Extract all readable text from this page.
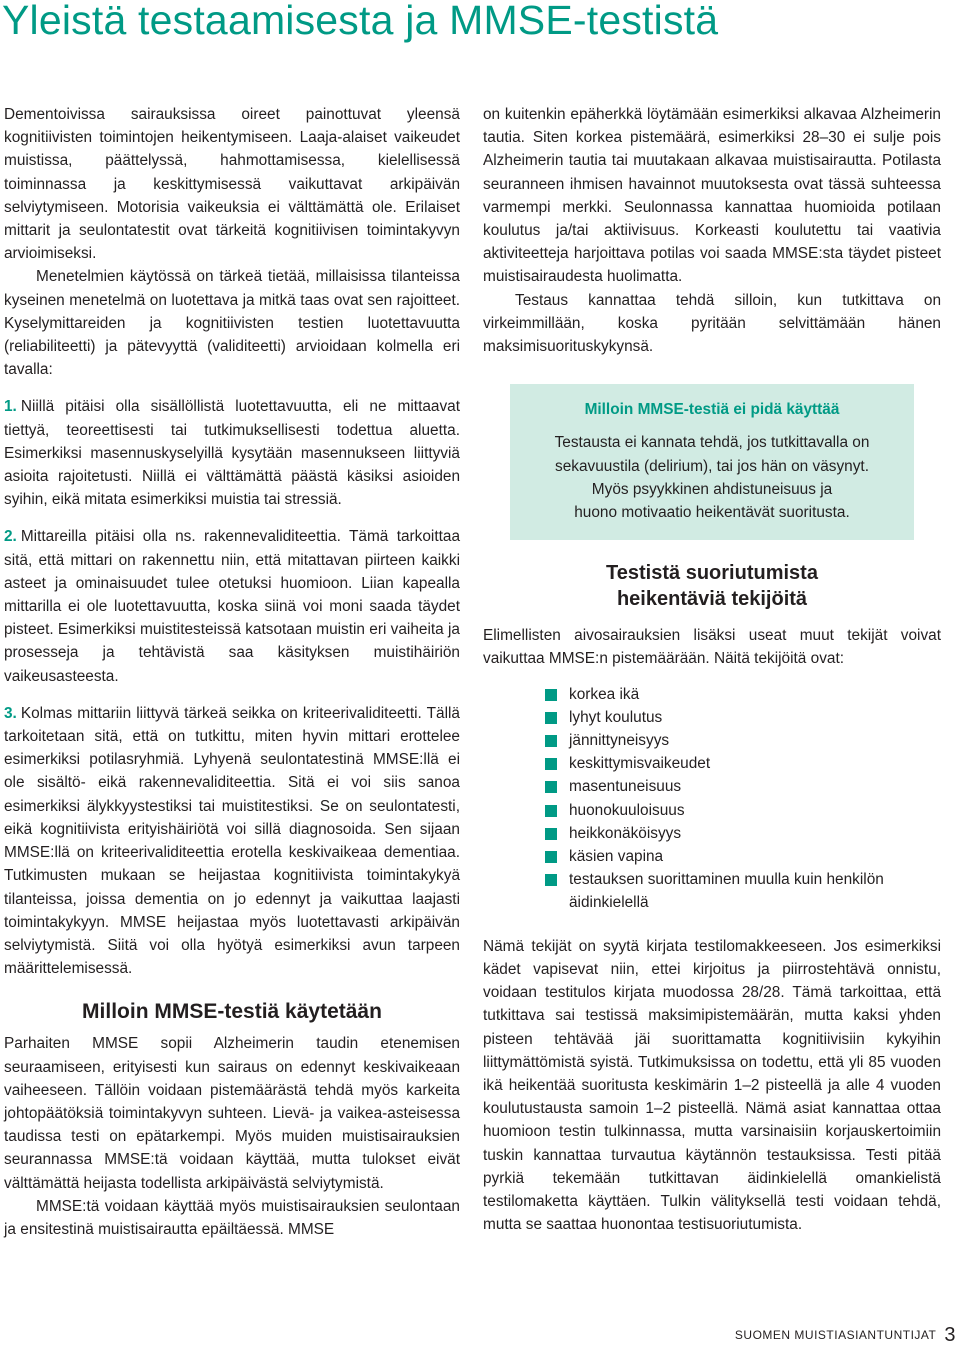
Yleistä testaamisesta ja MMSE-testistä

Dementoivissa sairauksissa oireet painottuvat yleensä kognitiivisten toimintojen heikentymiseen. Laaja-alaiset vaikeudet muistissa, päättelyssä, hahmottamisessa, kielellisessä toiminnassa ja keskittymisessä vaikuttavat arkipäivän selviytymiseen. Motorisia vaikeuksia ei välttämättä ole. Erilaiset mittarit ja seulontatestit ovat tärkeitä kognitiivisen toimintakyvyn arvioimiseksi.

Menetelmien käytössä on tärkeä tietää, millaisissa tilanteissa kyseinen menetelmä on luotettava ja mitkä taas ovat sen rajoitteet. Kyselymittareiden ja kognitiivisten testien luotettavuutta (reliabiliteetti) ja pätevyyttä (validiteetti) arvioidaan kolmella eri tavalla:

1. Niillä pitäisi olla sisällöllistä luotettavuutta, eli ne mittaavat tiettyä, teoreettisesti tai tutkimuksellisesti todettua aluetta. Esimerkiksi masennuskyselyillä kysytään masennukseen liittyviä asioita rajoitetusti. Niillä ei välttämättä päästä käsiksi asioiden syihin, eikä mitata esimerkiksi muistia tai stressiä.

2. Mittareilla pitäisi olla ns. rakennevaliditeettia. Tämä tarkoittaa sitä, että mittari on rakennettu niin, että mitattavan piirteen kaikki asteet ja ominaisuudet tulee otetuksi huomioon. Liian kapealla mittarilla ei ole luotettavuutta, koska siinä voi moni saada täydet pisteet. Esimerkiksi muistitesteissä katsotaan muistin eri vaiheita ja prosesseja ja tehtävistä saa käsityksen muistihäiriön vaikeusasteesta.

3. Kolmas mittariin liittyvä tärkeä seikka on kriteerivaliditeetti. Tällä tarkoitetaan sitä, että on tutkittu, miten hyvin mittari erottelee esimerkiksi potilasryhmiä. Lyhyenä seulontatestinä MMSE:llä ei ole sisältö- eikä rakennevaliditeettia. Sitä ei voi siis sanoa esimerkiksi älykkyystestiksi tai muistitestiksi. Se on seulontatesti, eikä kognitiivista erityishäiriötä voi sillä diagnosoida. Sen sijaan MMSE:llä on kriteerivaliditeettia erotella keskivaikeaa dementiaa. Tutkimusten mukaan se heijastaa kognitiivista toimintakykyä tilanteissa, joissa dementia on jo edennyt ja vaikuttaa laajasti toimintakykyyn. MMSE heijastaa myös luotettavasti arkipäivän selviytymistä. Siitä voi olla hyötyä esimerkiksi avun tarpeen määrittelemisessä.

Milloin MMSE-testiä käytetään

Parhaiten MMSE sopii Alzheimerin taudin etenemisen seuraamiseen, erityisesti kun sairaus on edennyt keskivaikeaan vaiheeseen. Tällöin voidaan pistemäärästä tehdä myös karkeita johtopäätöksiä toimintakyvyn suhteen. Lievä- ja vaikea-asteisessa taudissa testi on epätarkempi. Myös muiden muistisairauksien seurannassa MMSE:tä voidaan käyttää, mutta tulokset eivät välttämättä heijasta todellista arkipäivästä selviytymistä.

MMSE:tä voidaan käyttää myös muistisairauksien seulontaan ja ensitestinä muistisairautta epäiltäessä. MMSE

on kuitenkin epäherkkä löytämään esimerkiksi alkavaa Alzheimerin tautia. Siten korkea pistemäärä, esimerkiksi 28–30 ei sulje pois Alzheimerin tautia tai muutakaan alkavaa muistisairautta. Potilasta seuranneen ihmisen havainnot muutoksesta ovat tässä suhteessa varmempi merkki. Seulonnassa kannattaa huomioida potilaan koulutus ja/tai aktiivisuus. Korkeasti koulutettu tai vaativia aktiviteetteja harjoittava potilas voi saada MMSE:sta täydet pisteet muistisairaudesta huolimatta.

Testaus kannattaa tehdä silloin, kun tutkittava on virkeimmillään, koska pyritään selvittämään hänen maksimisuorituskykynsä.

Milloin MMSE-testiä ei pidä käyttää
Testausta ei kannata tehdä, jos tutkittavalla on
sekavuustila (delirium), tai jos hän on väsynyt.
Myös psyykkinen ahdistuneisuus ja
huono motivaatio heikentävät suoritusta.
Testistä suoriutumista
heikentäviä tekijöitä

Elimellisten aivosairauksien lisäksi useat muut tekijät voivat vaikuttaa MMSE:n pistemäärään. Näitä tekijöitä ovat:

korkea ikä
lyhyt koulutus
jännittyneisyys
keskittymisvaikeudet
masentuneisuus
huonokuuloisuus
heikkonäköisyys
käsien vapina
testauksen suorittaminen muulla kuin henkilön äidinkielellä

Nämä tekijät on syytä kirjata testilomakkeeseen. Jos esimerkiksi kädet vapisevat niin, ettei kirjoitus ja piirrostehtävä onnistu, voidaan testitulos kirjata muodossa 28/28. Tämä tarkoittaa, että tutkittava sai testissä maksimipistemäärän, mutta kaksi yhden pisteen tehtävää jäi suorittamatta kognitiivisiin kykyihin liittymättömistä syistä. Tutkimuksissa on todettu, että yli 85 vuoden ikä heikentää suoritusta keskimärin 1–2 pisteellä ja alle 4 vuoden koulutustausta samoin 1–2 pisteellä. Nämä asiat kannattaa ottaa huomioon testin tulkinnassa, mutta varsinaisiin korjauskertoimiin tuskin kannattaa turvautua käytännön testauksissa. Testi pitää pyrkiä tekemään tutkittavan äidinkielellä omankielistä testilomaketta käyttäen. Tulkin välityksellä testi voidaan tehdä, mutta se saattaa huonontaa testisuoriutumista.

SUOMEN MUISTIASIANTUNTIJAT 3
